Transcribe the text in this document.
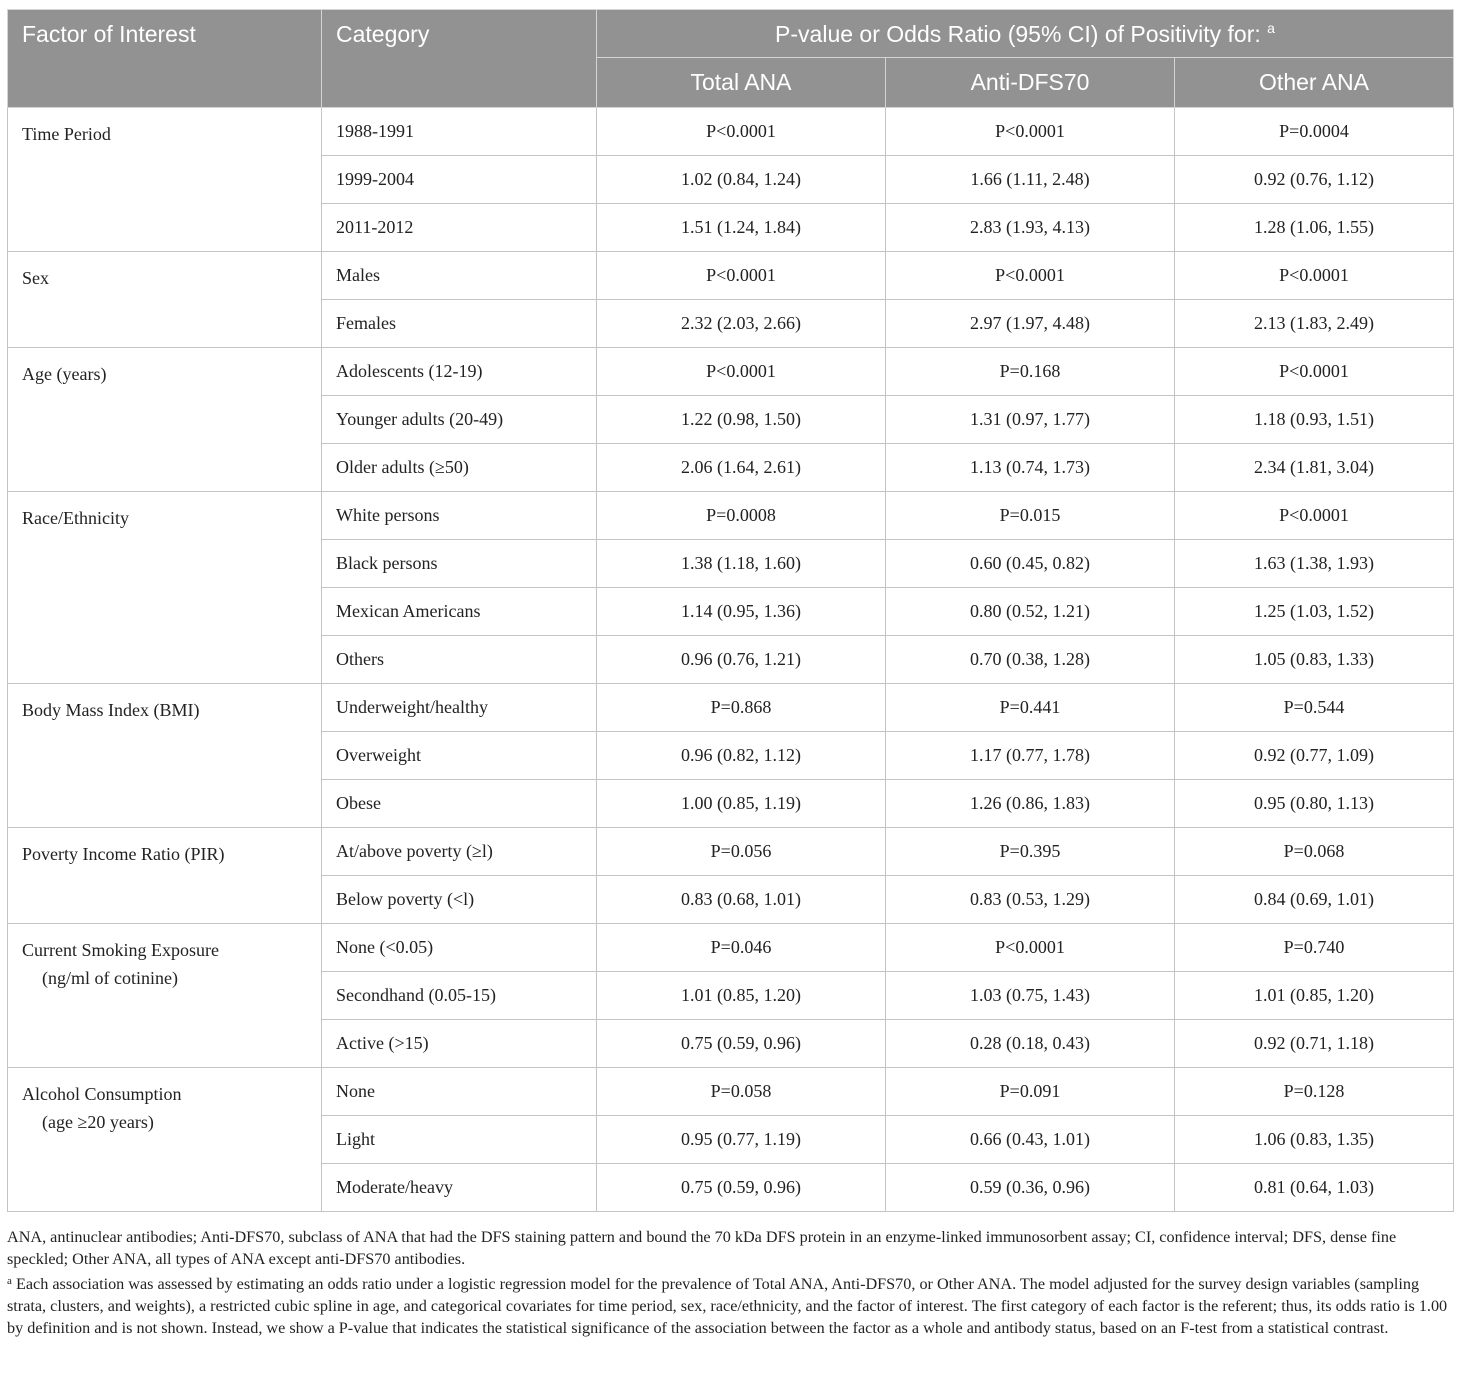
Factor of Interest	Category	P-value or Odds Ratio (95% CI) of Positivity for: $^a$
		Total ANA	Anti-DFS70	Other ANA
Time Period	1988-1991	P<0.0001	P<0.0001	P=0.0004
	1999-2004	1.02 (0.84, 1.24)	1.66 (1.11, 2.48)	0.92 (0.76, 1.12)
	2011-2012	1.51 (1.24, 1.84)	2.83 (1.93, 4.13)	1.28 (1.06, 1.55)
Sex	Males	P<0.0001	P<0.0001	P<0.0001
	Females	2.32 (2.03, 2.66)	2.97 (1.97, 4.48)	2.13 (1.83, 2.49)
Age (years)	Adolescents (12-19)	P<0.0001	P=0.168	P<0.0001
	Younger adults (20-49)	1.22 (0.98, 1.50)	1.31 (0.97, 1.77)	1.18 (0.93, 1.51)
	Older adults (≥50)	2.06 (1.64, 2.61)	1.13 (0.74, 1.73)	2.34 (1.81, 3.04)
Race/Ethnicity	White persons	P=0.0008	P=0.015	P<0.0001
	Black persons	1.38 (1.18, 1.60)	0.60 (0.45, 0.82)	1.63 (1.38, 1.93)
	Mexican Americans	1.14 (0.95, 1.36)	0.80 (0.52, 1.21)	1.25 (1.03, 1.52)
	Others	0.96 (0.76, 1.21)	0.70 (0.38, 1.28)	1.05 (0.83, 1.33)
Body Mass Index (BMI)	Underweight/healthy	P=0.868	P=0.441	P=0.544
	Overweight	0.96 (0.82, 1.12)	1.17 (0.77, 1.78)	0.92 (0.77, 1.09)
	Obese	1.00 (0.85, 1.19)	1.26 (0.86, 1.83)	0.95 (0.80, 1.13)
Poverty Income Ratio (PIR)	At/above poverty (≥l)	P=0.056	P=0.395	P=0.068
	Below poverty (<l)	0.83 (0.68, 1.01)	0.83 (0.53, 1.29)	0.84 (0.69, 1.01)
Current Smoking Exposure
(ng/ml of cotinine)	None (<0.05)	P=0.046	P<0.0001	P=0.740
	Secondhand (0.05-15)	1.01 (0.85, 1.20)	1.03 (0.75, 1.43)	1.01 (0.85, 1.20)
	Active (>15)	0.75 (0.59, 0.96)	0.28 (0.18, 0.43)	0.92 (0.71, 1.18)
Alcohol Consumption
(age ≥20 years)	None	P=0.058	P=0.091	P=0.128
	Light	0.95 (0.77, 1.19)	0.66 (0.43, 1.01)	1.06 (0.83, 1.35)
	Moderate/heavy	0.75 (0.59, 0.96)	0.59 (0.36, 0.96)	0.81 (0.64, 1.03)

ANA, antinuclear antibodies; Anti-DFS70, subclass of ANA that had the DFS staining pattern and bound the 70 kDa DFS protein in an enzyme-linked immunosorbent assay; CI, confidence interval; DFS, dense fine speckled; Other ANA, all types of ANA except anti-DFS70 antibodies.

$^a$ Each association was assessed by estimating an odds ratio under a logistic regression model for the prevalence of Total ANA, Anti-DFS70, or Other ANA. The model adjusted for the survey design variables (sampling strata, clusters, and weights), a restricted cubic spline in age, and categorical covariates for time period, sex, race/ethnicity, and the factor of interest. The first category of each factor is the referent; thus, its odds ratio is 1.00 by definition and is not shown. Instead, we show a P-value that indicates the statistical significance of the association between the factor as a whole and antibody status, based on an F-test from a statistical contrast.
